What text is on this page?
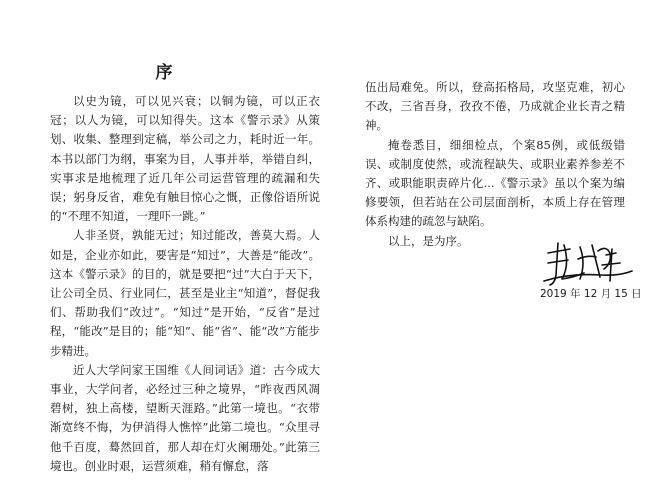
序

以史为镜，可以见兴衰；以铜为镜，可以正衣冠；以人为镜，可以知得失。这本《警示录》从策划、收集、整理到定稿，举公司之力，耗时近一年。本书以部门为纲，事案为目，人事并举，举错自纠，实事求是地梳理了近几年公司运营管理的疏漏和失误；躬身反省，难免有触目惊心之慨，正像俗语所说的“不理不知道，一理吓一跳。”

人非圣贤，孰能无过；知过能改，善莫大焉。人如是，企业亦如此，要害是“知过”，大善是“能改”。这本《警示录》的目的，就是要把“过”大白于天下，让公司全员、行业同仁，甚至是业主“知道”，督促我们、帮助我们“改过”。“知过”是开始，“反省”是过程，“能改”是目的；能“知”、能“省”、能“改”方能步步精进。

近人大学问家王国维《人间词话》道：古今成大事业，大学问者，必经过三种之境界，“昨夜西风凋碧树，独上高楼，望断天涯路。”此第一境也。“衣带渐宽终不悔，为伊消得人憔悴”此第二境也。“众里寻他千百度，蓦然回首，那人却在灯火阑珊处。”此第三境也。创业时艰，运营须难，稍有懈怠，落

伍出局难免。所以，登高拓格局，攻坚克难，初心不改，三省吾身，孜孜不倦，乃成就企业长青之精神。

掩卷悉目，细细检点，个案85例，或低级错误、或制度使然，或流程缺失、或职业素养参差不齐、或职能职责碎片化...《警示录》虽以个案为编修要领，但若站在公司层面剖析，本质上存在管理体系构建的疏忽与缺陷。

以上，是为序。

2019 年 12 月 15 日
